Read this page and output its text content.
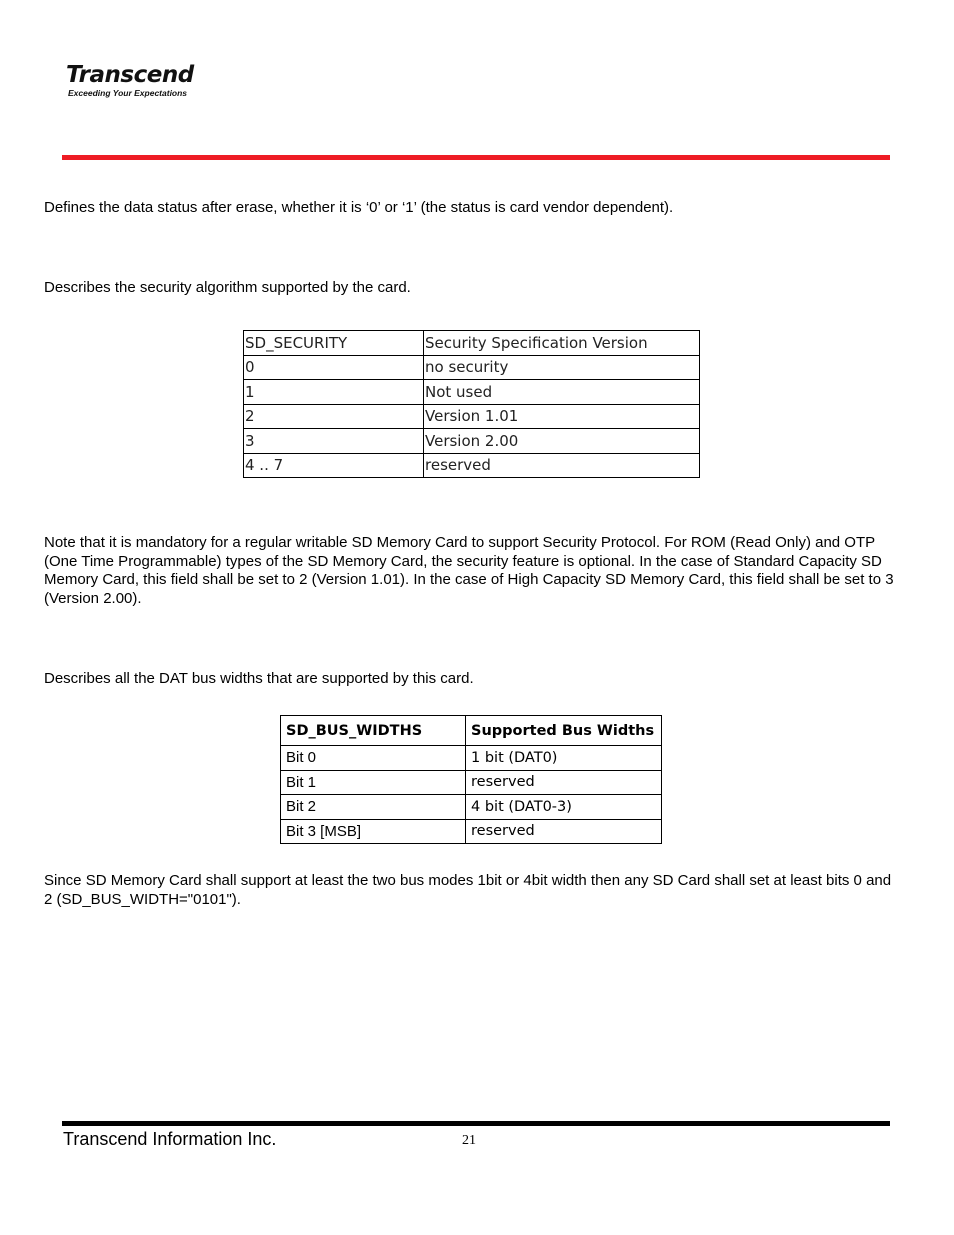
Transcend
Exceeding Your Expectations

Defines the data status after erase, whether it is ‘0’ or ‘1’ (the status is card vendor dependent).

Describes the security algorithm supported by the card.

SD_SECURITY	Security Specification Version
0	no security
1	Not used
2	Version 1.01
3	Version 2.00
4 .. 7	reserved

Note that it is mandatory for a regular writable SD Memory Card to support Security Protocol. For ROM (Read Only) and OTP (One Time Programmable) types of the SD Memory Card, the security feature is optional. In the case of Standard Capacity SD Memory Card, this field shall be set to 2 (Version 1.01). In the case of High Capacity SD Memory Card, this field shall be set to 3 (Version 2.00).

Describes all the DAT bus widths that are supported by this card.

SD_BUS_WIDTHS	Supported Bus Widths
Bit 0	1 bit (DAT0)
Bit 1	reserved
Bit 2	4 bit (DAT0-3)
Bit 3 [MSB]	reserved

Since SD Memory Card shall support at least the two bus modes 1bit or 4bit width then any SD Card shall set at least bits 0 and 2 (SD_BUS_WIDTH="0101").

Transcend Information Inc.	21
